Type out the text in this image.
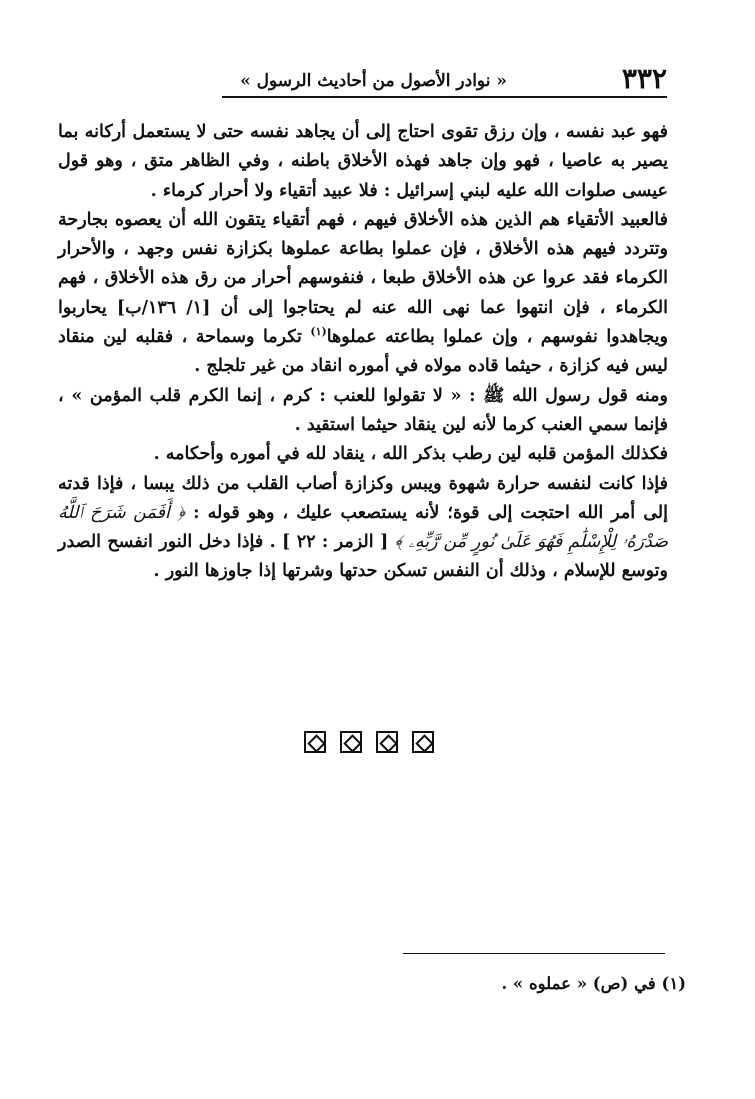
٣٣٢
« نوادر الأصول من أحاديث الرسول »

فهو عبد نفسه ، وإن رزق تقوى احتاج إلى أن يجاهد نفسه حتى لا يستعمل أركانه بما يصير به عاصيا ، فهو وإن جاهد فهذه الأخلاق باطنه ، وفي الظاهر متق ، وهو قول عيسى صلوات الله عليه لبني إسرائيل : فلا عبيد أتقياء ولا أحرار كرماء .

فالعبيد الأتقياء هم الذين هذه الأخلاق فيهم ، فهم أتقياء يتقون الله أن يعصوه بجارحة وتتردد فيهم هذه الأخلاق ، فإن عملوا بطاعة عملوها بكزازة نفس وجهد ، والأحرار الكرماء فقد عروا عن هذه الأخلاق طبعا ، فنفوسهم أحرار من رق هذه الأخلاق ، فهم الكرماء ، فإن انتهوا عما نهى الله عنه لم يحتاجوا إلى أن [١/ ١٣٦/ب] يحاربوا ويجاهدوا نفوسهم ، وإن عملوا بطاعته عملوها$^{(١)}$ تكرما وسماحة ، فقلبه لين منقاد ليس فيه كزازة ، حيثما قاده مولاه في أموره انقاد من غير تلجلج .

ومنه قول رسول الله ﷺ : « لا تقولوا للعنب : كرم ، إنما الكرم قلب المؤمن » ، فإنما سمي العنب كرما لأنه لين ينقاد حيثما استقيد .

فكذلك المؤمن قلبه لين رطب بذكر الله ، ينقاد لله في أموره وأحكامه .

فإذا كانت لنفسه حرارة شهوة ويبس وكزازة أصاب القلب من ذلك يبسا ، فإذا قدته إلى أمر الله احتجت إلى قوة؛ لأنه يستصعب عليك ، وهو قوله : ﴿ أَفَمَن شَرَحَ ٱللَّهُ صَدْرَهُۥ لِلْإِسْلَٰمِ فَهُوَ عَلَىٰ نُورٍ مِّن رَّبِّهِۦ ﴾ [ الزمر : ٢٢ ] . فإذا دخل النور انفسح الصدر وتوسع للإسلام ، وذلك أن النفس تسكن حدتها وشرتها إذا جاوزها النور .

(١) في (ص) « عملوه » .
